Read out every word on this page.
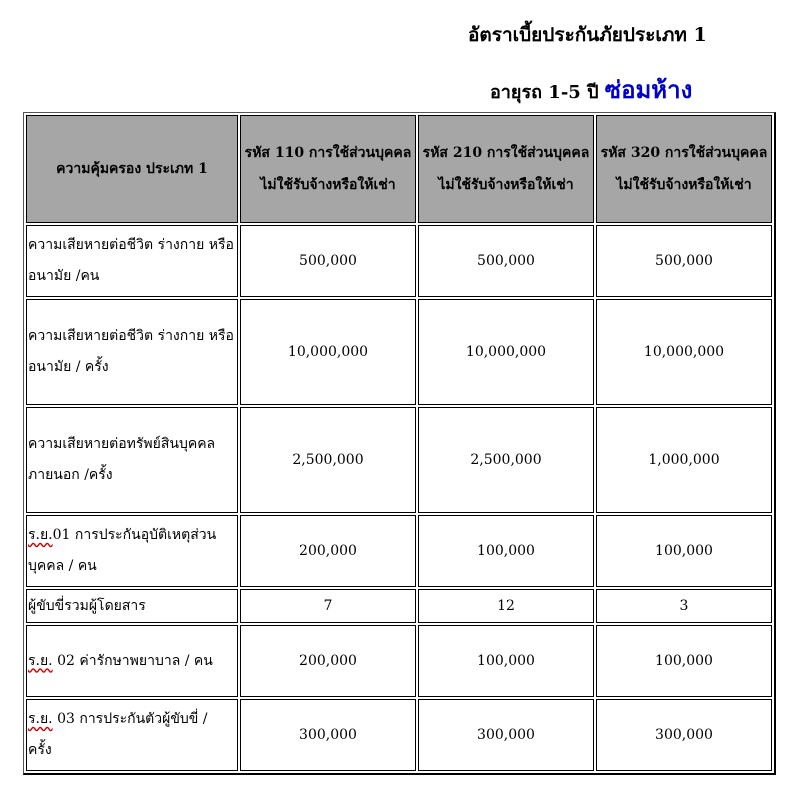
อัตราเบี้ยประกันภัยประเภท 1
อายุรถ 1-5 ปี ซ่อมห้าง
ความคุ้มครอง ประเภท 1	รหัส 110 การใช้ส่วนบุคคล ไม่ใช้รับจ้างหรือให้เช่า	รหัส 210 การใช้ส่วนบุคคล ไม่ใช้รับจ้างหรือให้เช่า	รหัส 320 การใช้ส่วนบุคคล ไม่ใช้รับจ้างหรือให้เช่า
ความเสียหายต่อชีวิต ร่างกาย หรืออนามัย /คน	500,000	500,000	500,000
ความเสียหายต่อชีวิต ร่างกาย หรืออนามัย / ครั้ง	10,000,000	10,000,000	10,000,000
ความเสียหายต่อทรัพย์สินบุคคลภายนอก /ครั้ง	2,500,000	2,500,000	1,000,000
ร.ย.01 การประกันอุบัติเหตุส่วนบุคคล / คน	200,000	100,000	100,000
ผู้ขับขี่รวมผู้โดยสาร	7	12	3
ร.ย. 02 ค่ารักษาพยาบาล / คน	200,000	100,000	100,000
ร.ย. 03 การประกันตัวผู้ขับขี่ / ครั้ง	300,000	300,000	300,000
